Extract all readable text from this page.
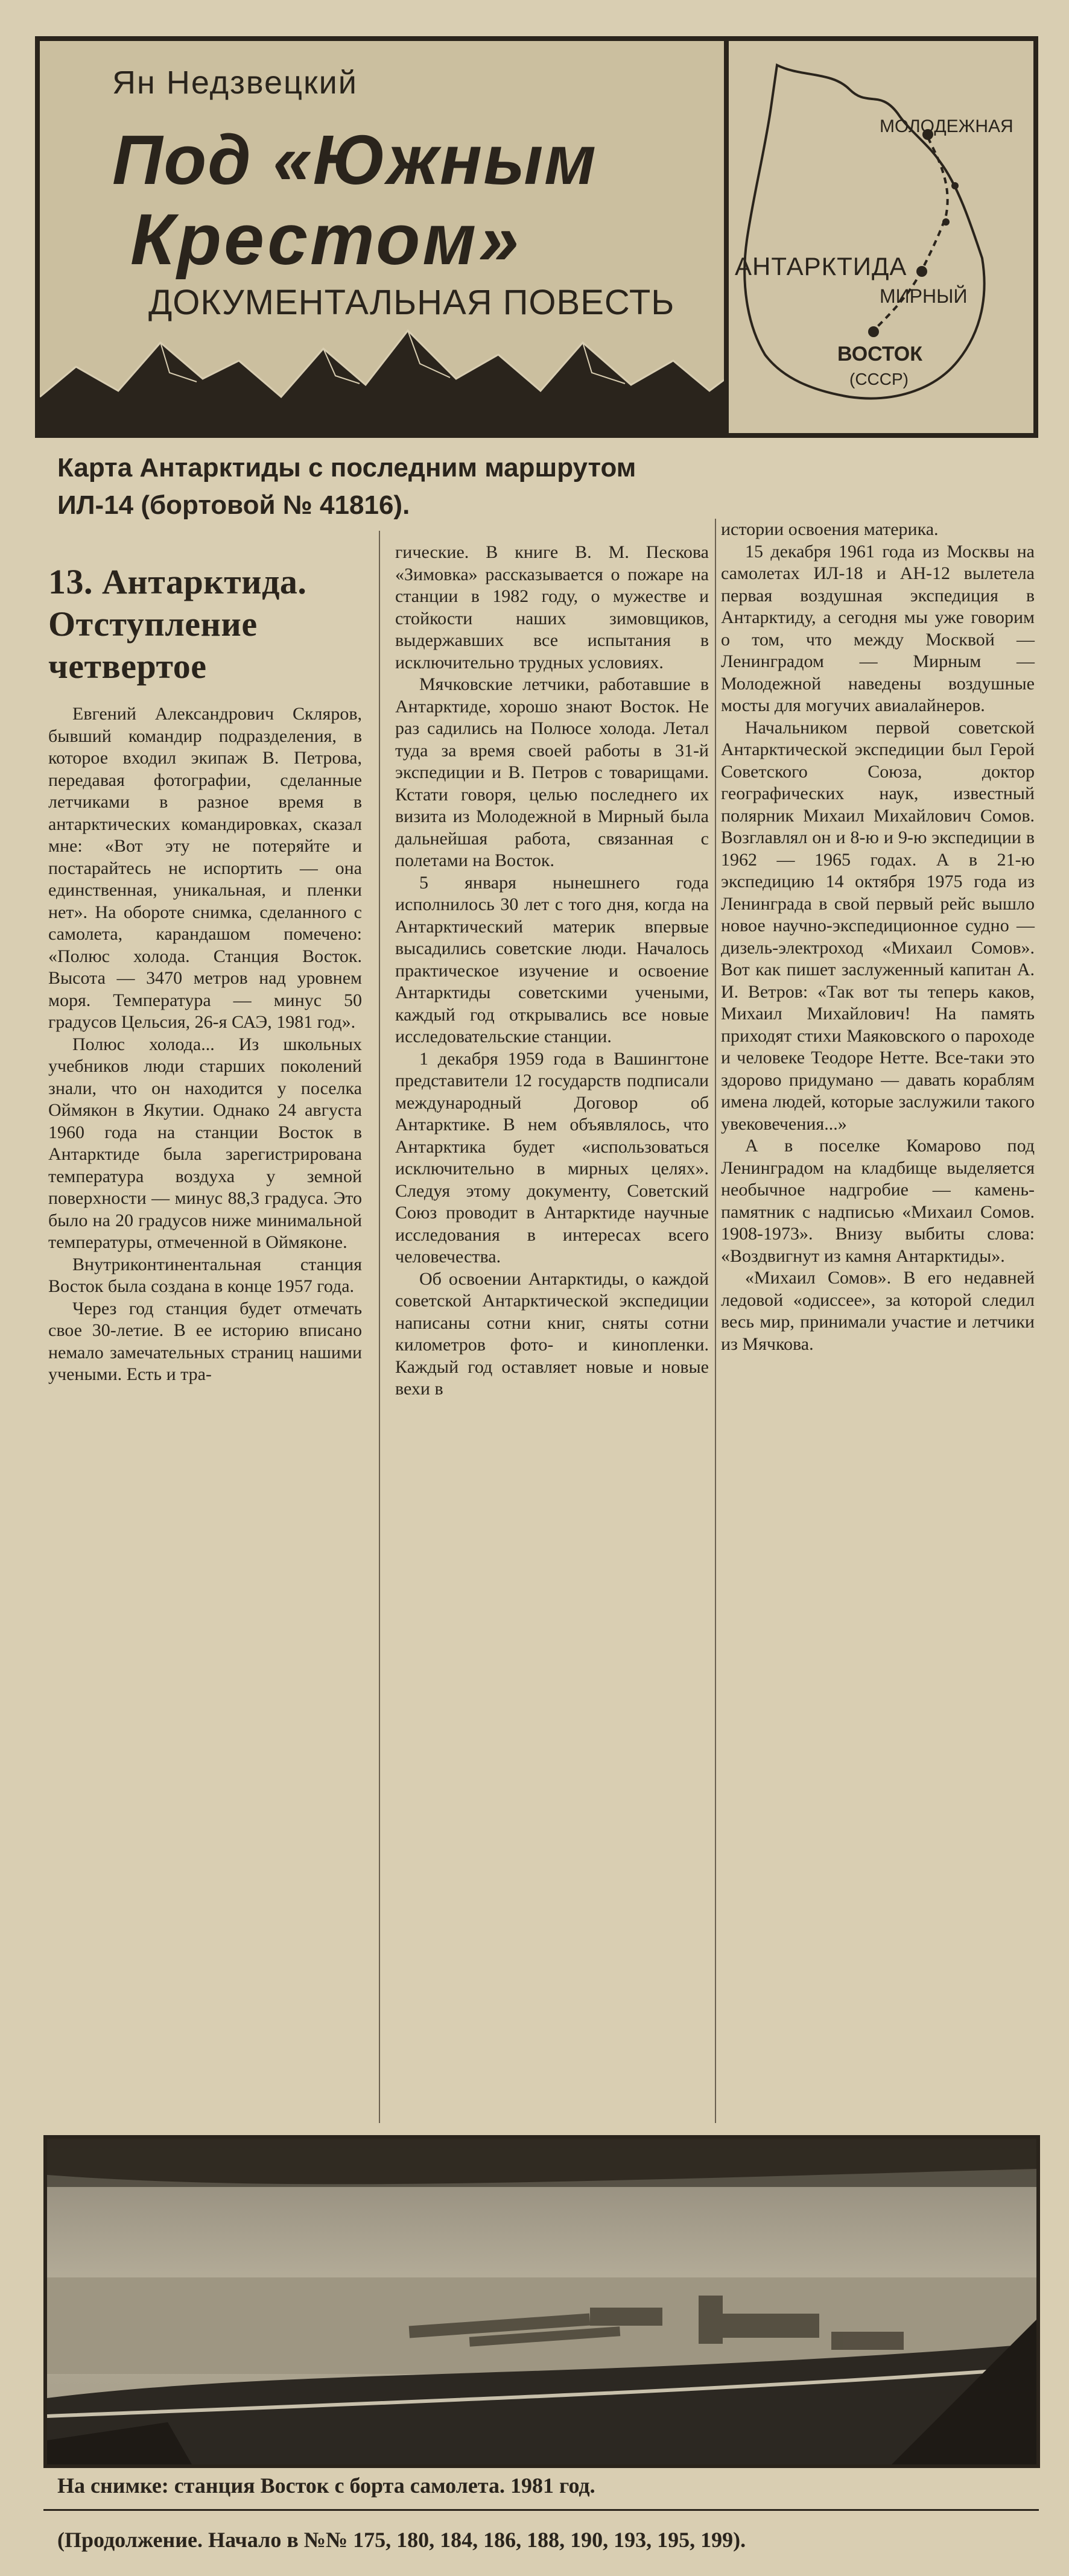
Ян Недзвецкий
Под «Южным
Крестом»
ДОКУМЕНТАЛЬНАЯ ПОВЕСТЬ
МОЛОДЕЖНАЯ
АНТАРКТИДА
МИРНЫЙ
ВОСТОК
(СССР)
Карта Антарктиды с последним маршрутом ИЛ-14 (бортовой № 41816).
13. Антарктида. Отступление четвертое

Евгений Александрович Скляров, бывший командир подразделения, в которое входил экипаж В. Петрова, передавая фотографии, сделанные летчиками в разное время в антарктических командировках, сказал мне: «Вот эту не потеряйте и постарайтесь не испортить — она единственная, уникальная, и пленки нет». На обороте снимка, сделанного с самолета, карандашом помечено: «Полюс холода. Станция Восток. Высота — 3470 метров над уровнем моря. Температура — минус 50 градусов Цельсия, 26-я САЭ, 1981 год».

Полюс холода... Из школьных учебников люди старших поколений знали, что он находится у поселка Оймякон в Якутии. Однако 24 августа 1960 года на станции Восток в Антарктиде была зарегистрирована температура воздуха у земной поверхности — минус 88,3 градуса. Это было на 20 градусов ниже минимальной температуры, отмеченной в Оймяконе.

Внутриконтинентальная станция Восток была создана в конце 1957 года.

Через год станция будет отмечать свое 30-летие. В ее историю вписано немало замечательных страниц нашими учеными. Есть и тра-

гические. В книге В. М. Пескова «Зимовка» рассказывается о пожаре на станции в 1982 году, о мужестве и стойкости наших зимовщиков, выдержавших все испытания в исключительно трудных условиях.

Мячковские летчики, работавшие в Антарктиде, хорошо знают Восток. Не раз садились на Полюсе холода. Летал туда за время своей работы в 31-й экспедиции и В. Петров с товарищами. Кстати говоря, целью последнего их визита из Молодежной в Мирный была дальнейшая работа, связанная с полетами на Восток.

5 января нынешнего года исполнилось 30 лет с того дня, когда на Антарктический материк впервые высадились советские люди. Началось практическое изучение и освоение Антарктиды советскими учеными, каждый год открывались все новые исследовательские станции.

1 декабря 1959 года в Вашингтоне представители 12 государств подписали международный Договор об Антарктике. В нем объявлялось, что Антарктика будет «использоваться исключительно в мирных целях». Следуя этому документу, Советский Союз проводит в Антарктиде научные исследования в интересах всего человечества.

Об освоении Антарктиды, о каждой советской Антарктической экспедиции написаны сотни книг, сняты сотни километров фото- и кинопленки. Каждый год оставляет новые и новые вехи в

истории освоения материка.

15 декабря 1961 года из Москвы на самолетах ИЛ-18 и АН-12 вылетела первая воздушная экспедиция в Антарктиду, а сегодня мы уже говорим о том, что между Москвой — Ленинградом — Мирным — Молодежной наведены воздушные мосты для могучих авиалайнеров.

Начальником первой советской Антарктической экспедиции был Герой Советского Союза, доктор географических наук, известный полярник Михаил Михайлович Сомов. Возглавлял он и 8-ю и 9-ю экспедиции в 1962 — 1965 годах. А в 21-ю экспедицию 14 октября 1975 года из Ленинграда в свой первый рейс вышло новое научно-экспедиционное судно — дизель-электроход «Михаил Сомов». Вот как пишет заслуженный капитан А. И. Ветров: «Так вот ты теперь каков, Михаил Михайлович! На память приходят стихи Маяковского о пароходе и человеке Теодоре Нетте. Все-таки это здорово придумано — давать кораблям имена людей, которые заслужили такого увековечения...»

А в поселке Комарово под Ленинградом на кладбище выделяется необычное надгробие — камень-памятник с надписью «Михаил Сомов. 1908-1973». Внизу выбиты слова: «Воздвигнут из камня Антарктиды».

«Михаил Сомов». В его недавней ледовой «одиссее», за которой следил весь мир, принимали участие и летчики из Мячкова.

На снимке: станция Восток с борта самолета. 1981 год.
(Продолжение. Начало в №№ 175, 180, 184, 186, 188, 190, 193, 195, 199).
